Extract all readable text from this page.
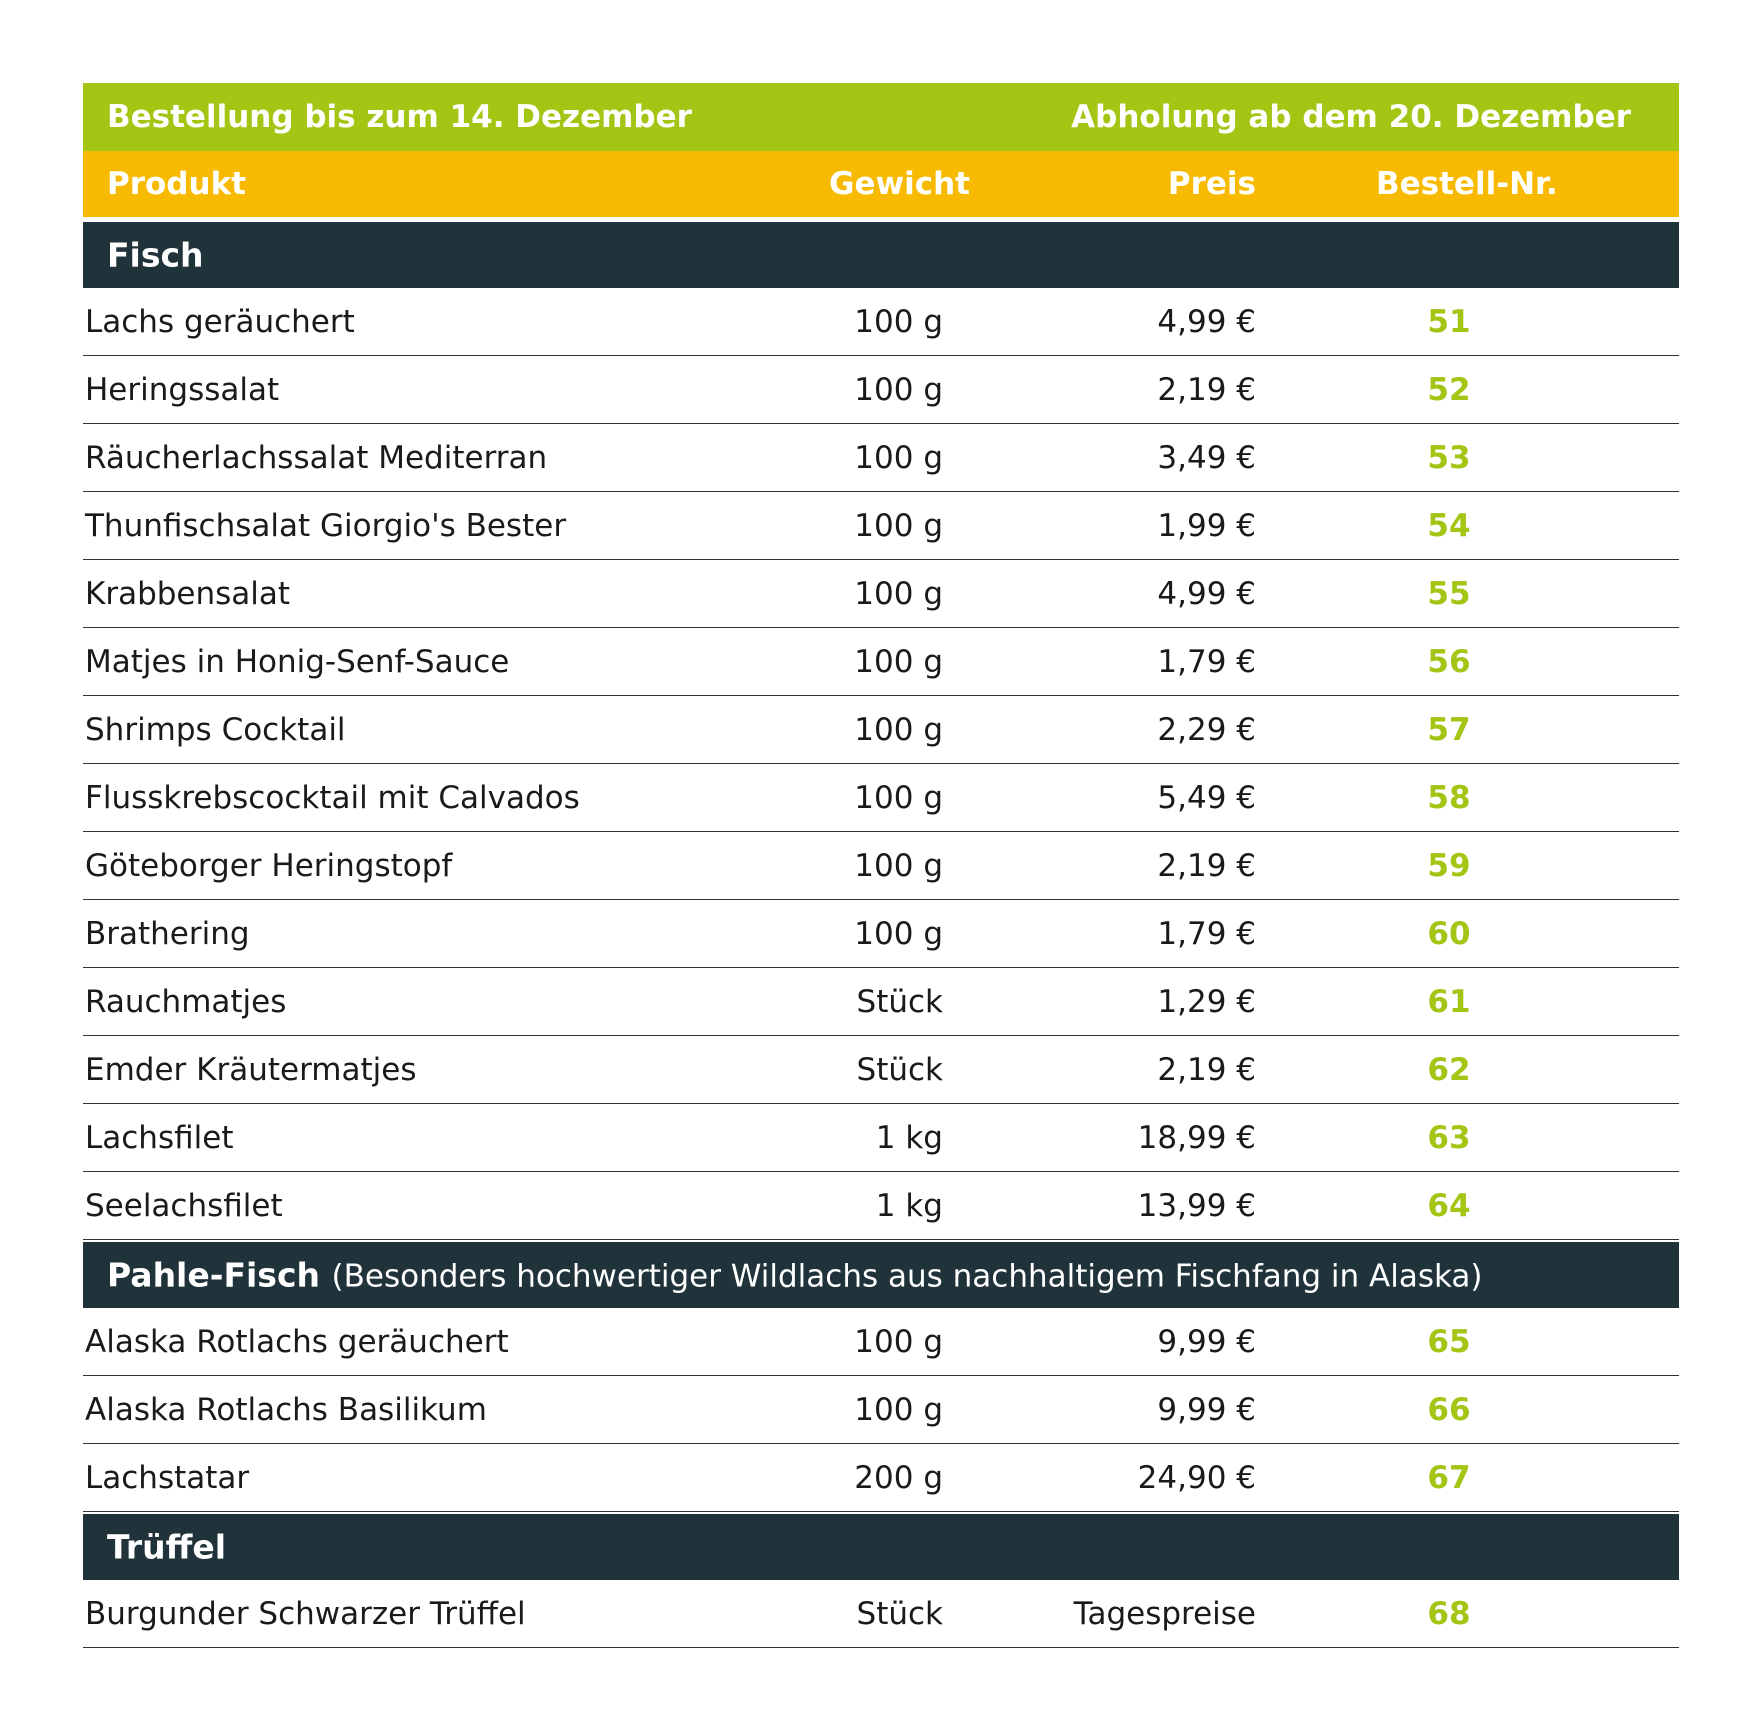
Bestellung bis zum 14. Dezember	Abholung ab dem 20. Dezember
Produkt	Gewicht	Preis	Bestell-Nr.
Fisch
Lachs geräuchert	100 g	4,99 €	51
Heringssalat	100 g	2,19 €	52
Räucherlachssalat Mediterran	100 g	3,49 €	53
Thunfischsalat Giorgio's Bester	100 g	1,99 €	54
Krabbensalat	100 g	4,99 €	55
Matjes in Honig-Senf-Sauce	100 g	1,79 €	56
Shrimps Cocktail	100 g	2,29 €	57
Flusskrebscocktail mit Calvados	100 g	5,49 €	58
Göteborger Heringstopf	100 g	2,19 €	59
Brathering	100 g	1,79 €	60
Rauchmatjes	Stück	1,29 €	61
Emder Kräutermatjes	Stück	2,19 €	62
Lachsfilet	1 kg	18,99 €	63
Seelachsfilet	1 kg	13,99 €	64
Pahle-Fisch (Besonders hochwertiger Wildlachs aus nachhaltigem Fischfang in Alaska)
Alaska Rotlachs geräuchert	100 g	9,99 €	65
Alaska Rotlachs Basilikum	100 g	9,99 €	66
Lachstatar	200 g	24,90 €	67
Trüffel
Burgunder Schwarzer Trüffel	Stück	Tagespreise	68
